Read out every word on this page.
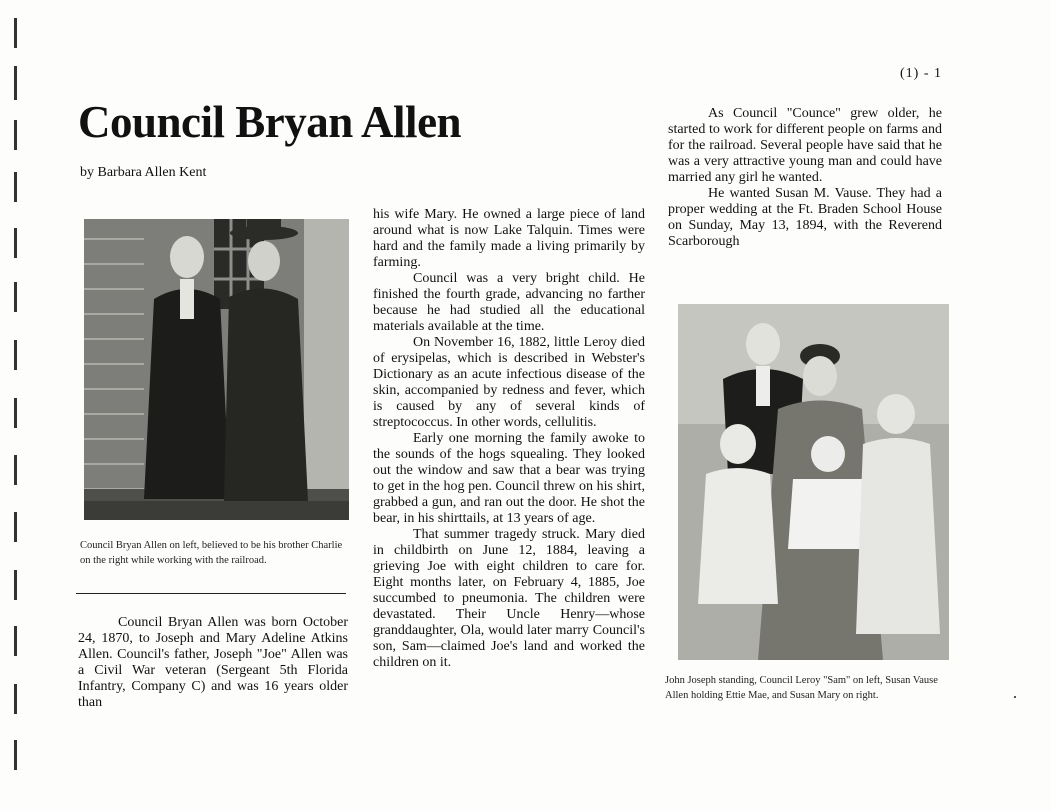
(1) - 1
Council Bryan Allen
by Barbara Allen Kent
Council Bryan Allen on left, believed to be his brother Charlie on the right while working with the railroad.
John Joseph standing, Council Leroy "Sam" on left, Susan Vause Allen holding Ettie Mae, and Susan Mary on right.

Council Bryan Allen was born October 24, 1870, to Joseph and Mary Adeline Atkins Allen. Council's father, Joseph "Joe" Allen was a Civil War veteran (Sergeant 5th Florida Infantry, Company C) and was 16 years older than

his wife Mary. He owned a large piece of land around what is now Lake Talquin. Times were hard and the family made a living primarily by farming.

Council was a very bright child. He finished the fourth grade, advancing no farther because he had studied all the educational materials available at the time.

On November 16, 1882, little Leroy died of erysipelas, which is described in Webster's Dictionary as an acute infectious disease of the skin, accompanied by redness and fever, which is caused by any of several kinds of streptococcus. In other words, cellulitis.

Early one morning the family awoke to the sounds of the hogs squealing. They looked out the window and saw that a bear was trying to get in the hog pen. Council threw on his shirt, grabbed a gun, and ran out the door. He shot the bear, in his shirttails, at 13 years of age.

That summer tragedy struck. Mary died in childbirth on June 12, 1884, leaving a grieving Joe with eight children to care for. Eight months later, on February 4, 1885, Joe succumbed to pneumonia. The children were devastated. Their Uncle Henry—whose granddaughter, Ola, would later marry Council's son, Sam—claimed Joe's land and worked the children on it.

As Council "Counce" grew older, he started to work for different people on farms and for the railroad. Several people have said that he was a very attractive young man and could have married any girl he wanted.

He wanted Susan M. Vause. They had a proper wedding at the Ft. Braden School House on Sunday, May 13, 1894, with the Reverend Scarborough
